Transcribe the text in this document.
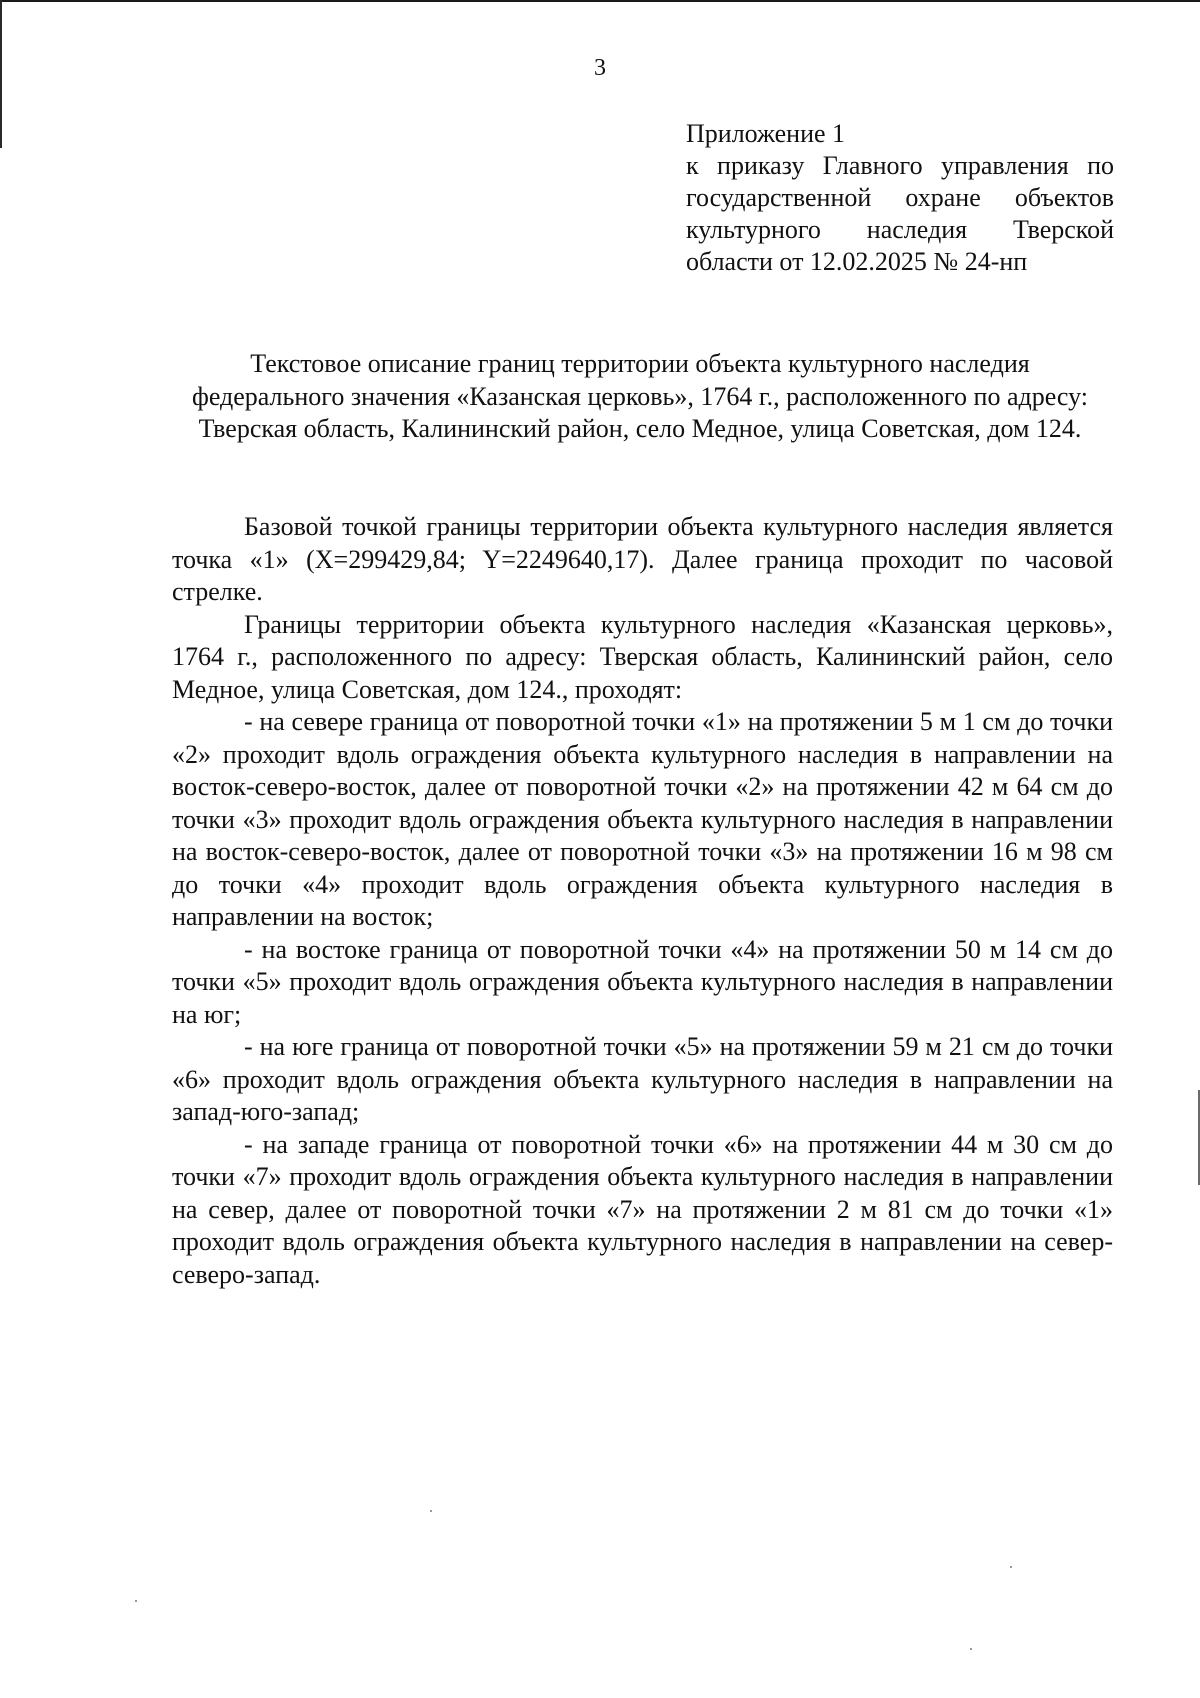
3
Приложение 1
к приказу Главного управления по государственной охране объектов культурного наследия Тверской области от 12.02.2025 № 24-нп
Текстовое описание границ территории объекта культурного наследия федерального значения «Казанская церковь», 1764 г., расположенного по адресу: Тверская область, Калининский район, село Медное, улица Советская, дом 124.

Базовой точкой границы территории объекта культурного наследия является точка «1» (X=299429,84; Y=2249640,17). Далее граница проходит по часовой стрелке.

Границы территории объекта культурного наследия «Казанская церковь», 1764 г., расположенного по адресу: Тверская область, Калининский район, село Медное, улица Советская, дом 124., проходят:

- на севере граница от поворотной точки «1» на протяжении 5 м 1 см до точки «2» проходит вдоль ограждения объекта культурного наследия в направлении на восток-северо-восток, далее от поворотной точки «2» на протяжении 42 м 64 см до точки «3» проходит вдоль ограждения объекта культурного наследия в направлении на восток-северо-восток, далее от поворотной точки «3» на протяжении 16 м 98 см до точки «4» проходит вдоль ограждения объекта культурного наследия в направлении на восток;

- на востоке граница от поворотной точки «4» на протяжении 50 м 14 см до точки «5» проходит вдоль ограждения объекта культурного наследия в направлении на юг;

- на юге граница от поворотной точки «5» на протяжении 59 м 21 см до точки «6» проходит вдоль ограждения объекта культурного наследия в направлении на запад-юго-запад;

- на западе граница от поворотной точки «6» на протяжении 44 м 30 см до точки «7» проходит вдоль ограждения объекта культурного наследия в направлении на север, далее от поворотной точки «7» на протяжении 2 м 81 см до точки «1» проходит вдоль ограждения объекта культурного наследия в направлении на север-северо-запад.
